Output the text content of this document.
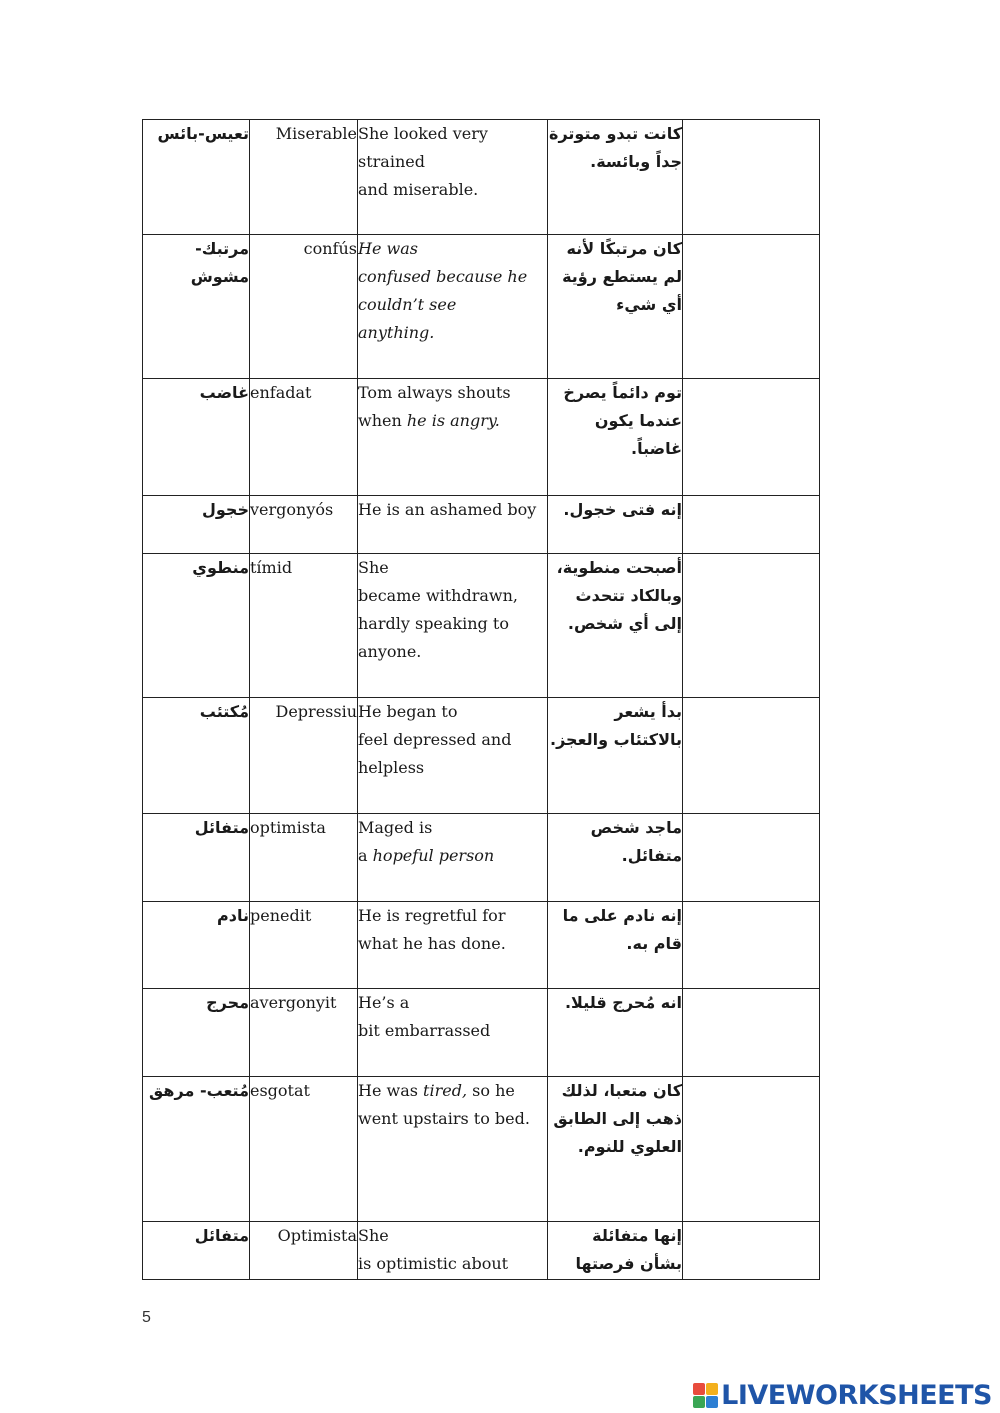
تعيس-بائس	Miserable	She looked very
strained
and miserable.	كانت تبدو متوترة جداً وبائسة.	
مرتبك- مشوش	confús	He was
confused because he
couldn’t see
anything.	كان مرتبكًا لأنه لم يستطع رؤية أي شيء	
غاضب	enfadat	Tom always shouts
when he is angry.	توم دائماً يصرخ عندما يكون غاضباً.	
خجول	vergonyós	He is an ashamed boy	إنه فتى خجول.	
منطوي	tímid	She
became withdrawn,
hardly speaking to
anyone.	أصبحت منطوية، وبالكاد تتحدث إلى أي شخص.	
مُكتئب	Depressiu	He began to
feel depressed and
helpless	بدأ يشعر بالاكتئاب والعجز.	
متفائل	optimista	Maged is
a hopeful person	ماجد شخص متفائل.	
نادم	penedit	He is regretful for
what he has done.	إنه نادم على ما قام به.	
محرج	avergonyit	He’s a
bit embarrassed	انه مُحرج قليلا.	
مُتعب- مرهق	esgotat	He was tired, so he
went upstairs to bed.	كان متعبا، لذلك ذهب إلى الطابق العلوي للنوم.	
متفائل	Optimista	She
is optimistic about	إنها متفائلة بشأن فرصتها	
5
LIVEWORKSHEETS
